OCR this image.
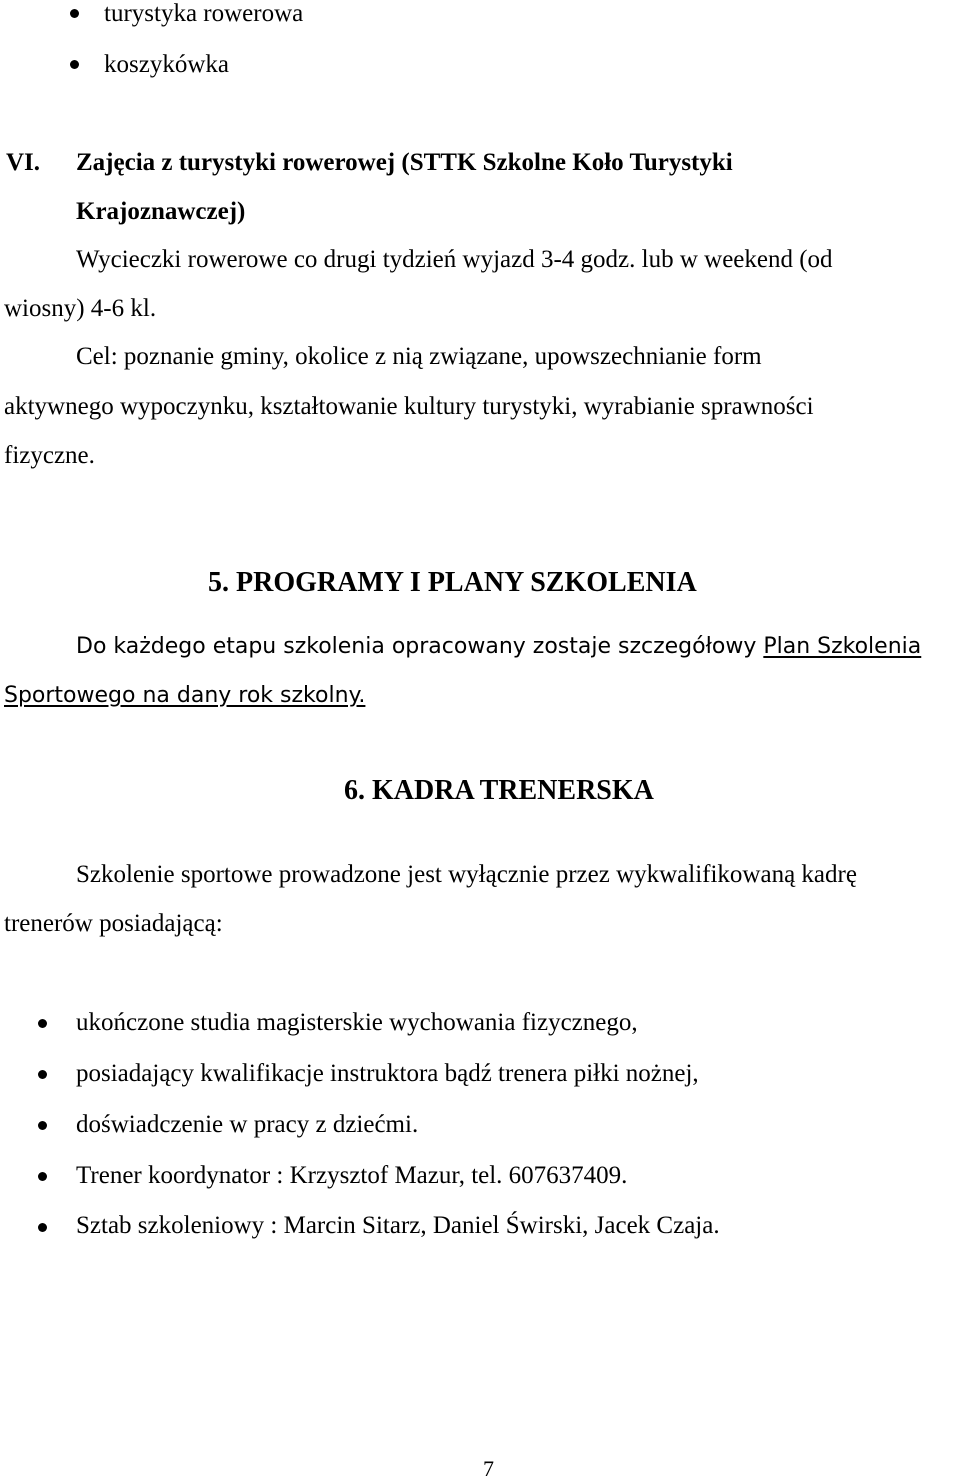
turystyka rowerowa
koszykówka
VI. Zajęcia z turystyki rowerowej (STTK Szkolne Koło Turystyki
Krajoznawczej)
Wycieczki rowerowe co drugi tydzień wyjazd 3-4 godz. lub w weekend (od
wiosny) 4-6 kl.
Cel: poznanie gminy, okolice z nią związane, upowszechnianie form
aktywnego wypoczynku, kształtowanie kultury turystyki, wyrabianie sprawności
fizyczne.
5. PROGRAMY I PLANY SZKOLENIA
Do każdego etapu szkolenia opracowany zostaje szczegółowy Plan Szkolenia
Sportowego na dany rok szkolny.
6. KADRA TRENERSKA
Szkolenie sportowe prowadzone jest wyłącznie przez wykwalifikowaną kadrę
trenerów posiadającą:
ukończone studia magisterskie wychowania fizycznego,
posiadający kwalifikacje instruktora bądź trenera piłki nożnej,
doświadczenie w pracy z dziećmi.
Trener koordynator : Krzysztof Mazur, tel. 607637409.
Sztab szkoleniowy : Marcin Sitarz, Daniel Świrski, Jacek Czaja.
7
